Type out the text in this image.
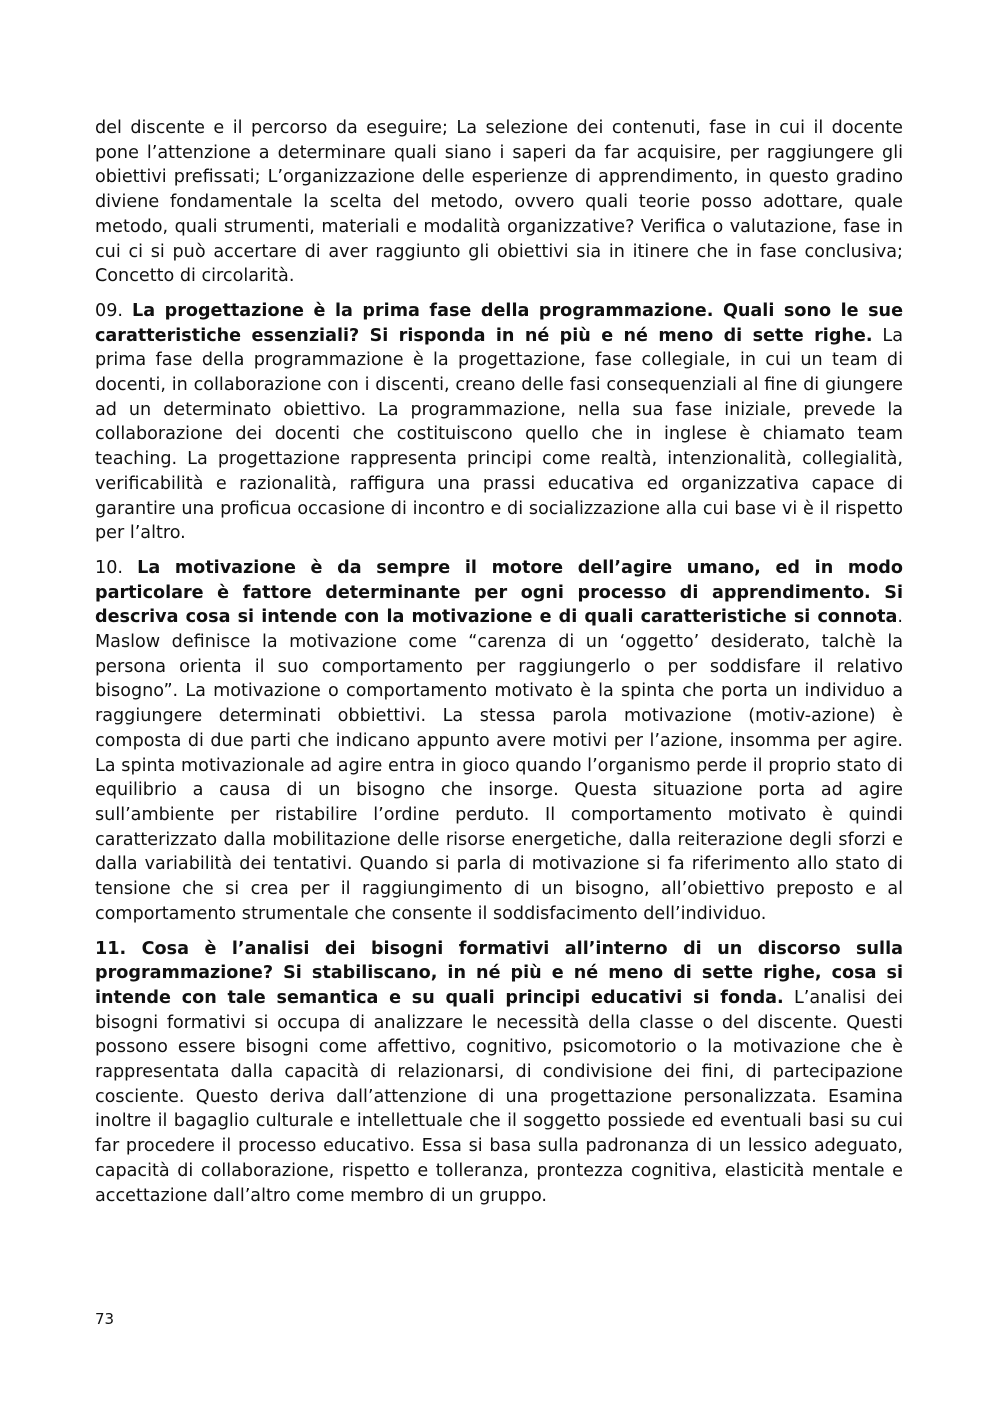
del discente e il percorso da eseguire; La selezione dei contenuti, fase in cui il docente pone l’attenzione a determinare quali siano i saperi da far acquisire, per raggiungere gli obiettivi prefissati; L’organizzazione delle esperienze di apprendimento, in questo gradino diviene fondamentale la scelta del metodo, ovvero quali teorie posso adottare, quale metodo, quali strumenti, materiali e modalità organizzative? Verifica o valutazione, fase in cui ci si può accertare di aver raggiunto gli obiettivi sia in itinere che in fase conclusiva; Concetto di circolarità.

09. La progettazione è la prima fase della programmazione. Quali sono le sue caratteristiche essenziali? Si risponda in né più e né meno di sette righe. La prima fase della programmazione è la progettazione, fase collegiale, in cui un team di docenti, in collaborazione con i discenti, creano delle fasi consequenziali al fine di giungere ad un determinato obiettivo. La programmazione, nella sua fase iniziale, prevede la collaborazione dei docenti che costituiscono quello che in inglese è chiamato team teaching. La progettazione rappresenta principi come realtà, intenzionalità, collegialità, verificabilità e razionalità, raffigura una prassi educativa ed organizzativa capace di garantire una proficua occasione di incontro e di socializzazione alla cui base vi è il rispetto per l’altro.

10. La motivazione è da sempre il motore dell’agire umano, ed in modo particolare è fattore determinante per ogni processo di apprendimento. Si descriva cosa si intende con la motivazione e di quali caratteristiche si connota. Maslow definisce la motivazione come “carenza di un ‘oggetto’ desiderato, talchè la persona orienta il suo comportamento per raggiungerlo o per soddisfare il relativo bisogno”. La motivazione o comportamento motivato è la spinta che porta un individuo a raggiungere determinati obbiettivi. La stessa parola motivazione (motiv-azione) è composta di due parti che indicano appunto avere motivi per l’azione, insomma per agire. La spinta motivazionale ad agire entra in gioco quando l’organismo perde il proprio stato di equilibrio a causa di un bisogno che insorge. Questa situazione porta ad agire sull’ambiente per ristabilire l’ordine perduto. Il comportamento motivato è quindi caratterizzato dalla mobilitazione delle risorse energetiche, dalla reiterazione degli sforzi e dalla variabilità dei tentativi. Quando si parla di motivazione si fa riferimento allo stato di tensione che si crea per il raggiungimento di un bisogno, all’obiettivo preposto e al comportamento strumentale che consente il soddisfacimento dell’individuo.

11. Cosa è l’analisi dei bisogni formativi all’interno di un discorso sulla programmazione? Si stabiliscano, in né più e né meno di sette righe, cosa si intende con tale semantica e su quali principi educativi si fonda. L’analisi dei bisogni formativi si occupa di analizzare le necessità della classe o del discente. Questi possono essere bisogni come affettivo, cognitivo, psicomotorio o la motivazione che è rappresentata dalla capacità di relazionarsi, di condivisione dei fini, di partecipazione cosciente. Questo deriva dall’attenzione di una progettazione personalizzata. Esamina inoltre il bagaglio culturale e intellettuale che il soggetto possiede ed eventuali basi su cui far procedere il processo educativo. Essa si basa sulla padronanza di un lessico adeguato, capacità di collaborazione, rispetto e tolleranza, prontezza cognitiva, elasticità mentale e accettazione dall’altro come membro di un gruppo.

73
